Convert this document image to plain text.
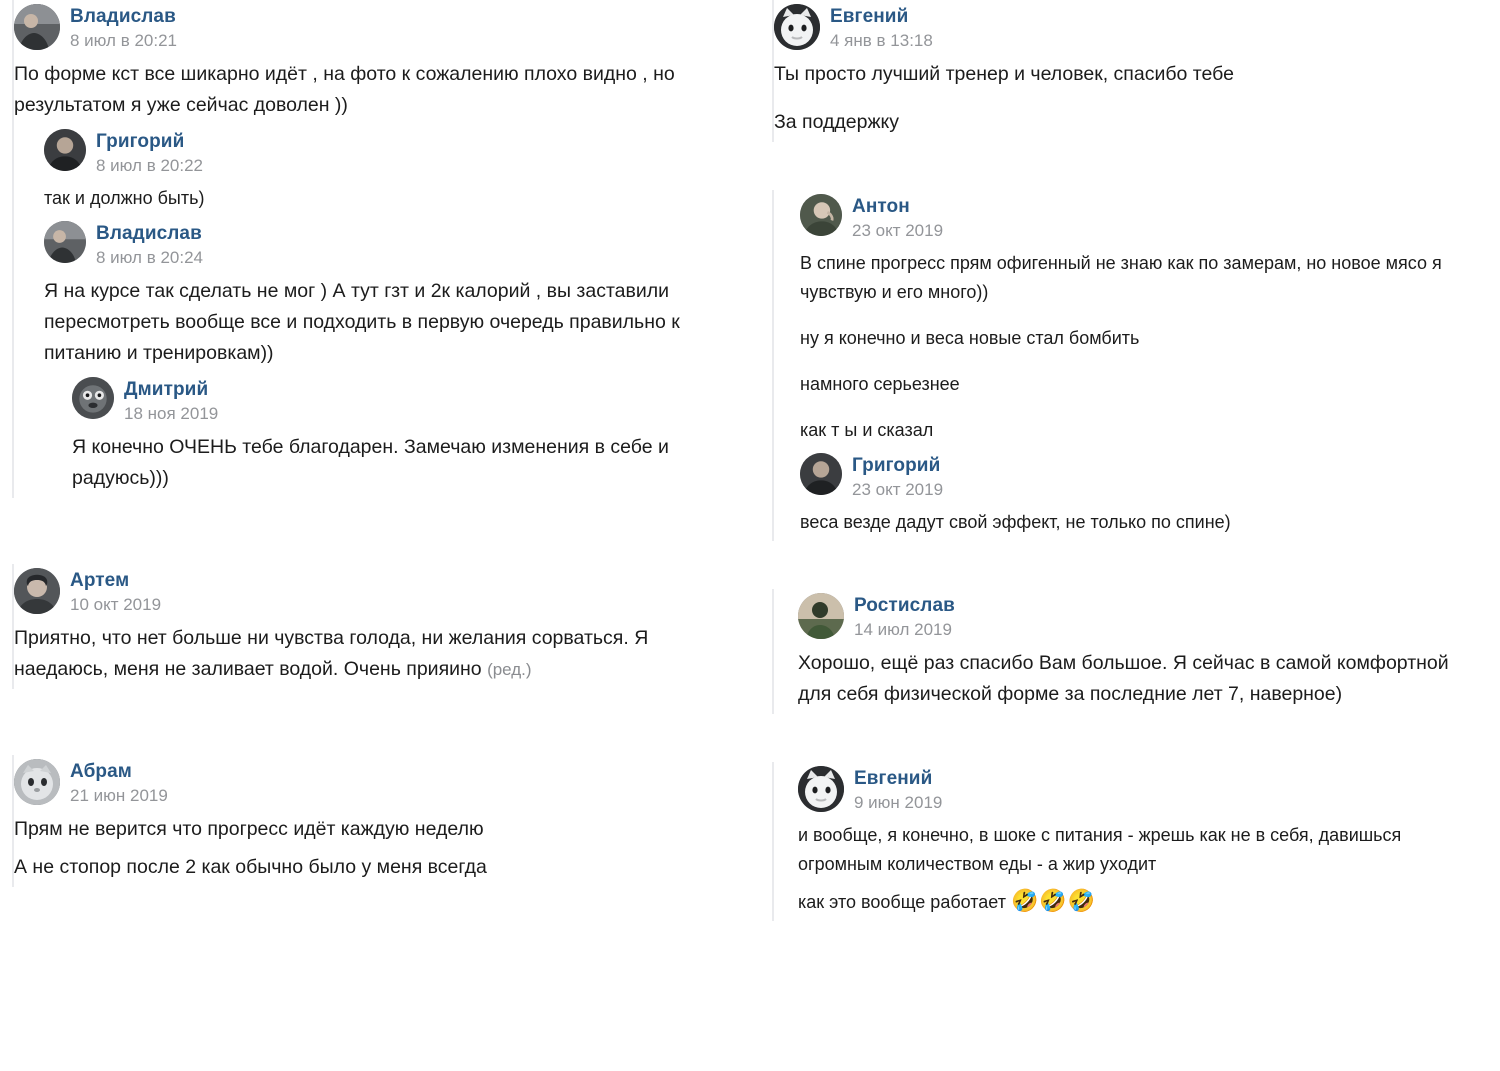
Владислав
8 июл в 20:21
По форме кст все шикарно идёт , на фото к сожалению плохо видно , но результатом я уже сейчас доволен ))
Григорий
8 июл в 20:22
так и должно быть)
Владислав
8 июл в 20:24
Я на курсе так сделать не мог ) А тут гзт и 2к калорий , вы заставили пересмотреть вообще все и подходить в первую очередь правильно к питанию и тренировкам))
Дмитрий
18 ноя 2019
Я конечно ОЧЕНЬ тебе благодарен. Замечаю изменения в себе и радуюсь)))
Артем
10 окт 2019
Приятно, что нет больше ни чувства голода, ни желания сорваться. Я наедаюсь, меня не заливает водой. Очень прияино (ред.)
Абрам
21 июн 2019
Прям не верится что прогресс идёт каждую неделю
А не стопор после 2 как обычно было у меня всегда
Евгений
4 янв в 13:18
Ты просто лучший тренер и человек, спасибо тебе
За поддержку
Антон
23 окт 2019
В спине прогресс прям офигенный не знаю как по замерам, но новое мясо я чувствую и его много))
ну я конечно и веса новые стал бомбить
намного серьезнее
как т ы и сказал
Григорий
23 окт 2019
веса везде дадут свой эффект, не только по спине)
Ростислав
14 июл 2019
Хорошо, ещё раз спасибо Вам большое. Я сейчас в самой комфортной для себя физической форме за последние лет 7, наверное)
Евгений
9 июн 2019
и вообще, я конечно, в шоке с питания - жрешь как не в себя, давишься огромным количеством еды - а жир уходит
как это вообще работает 🤣🤣🤣
